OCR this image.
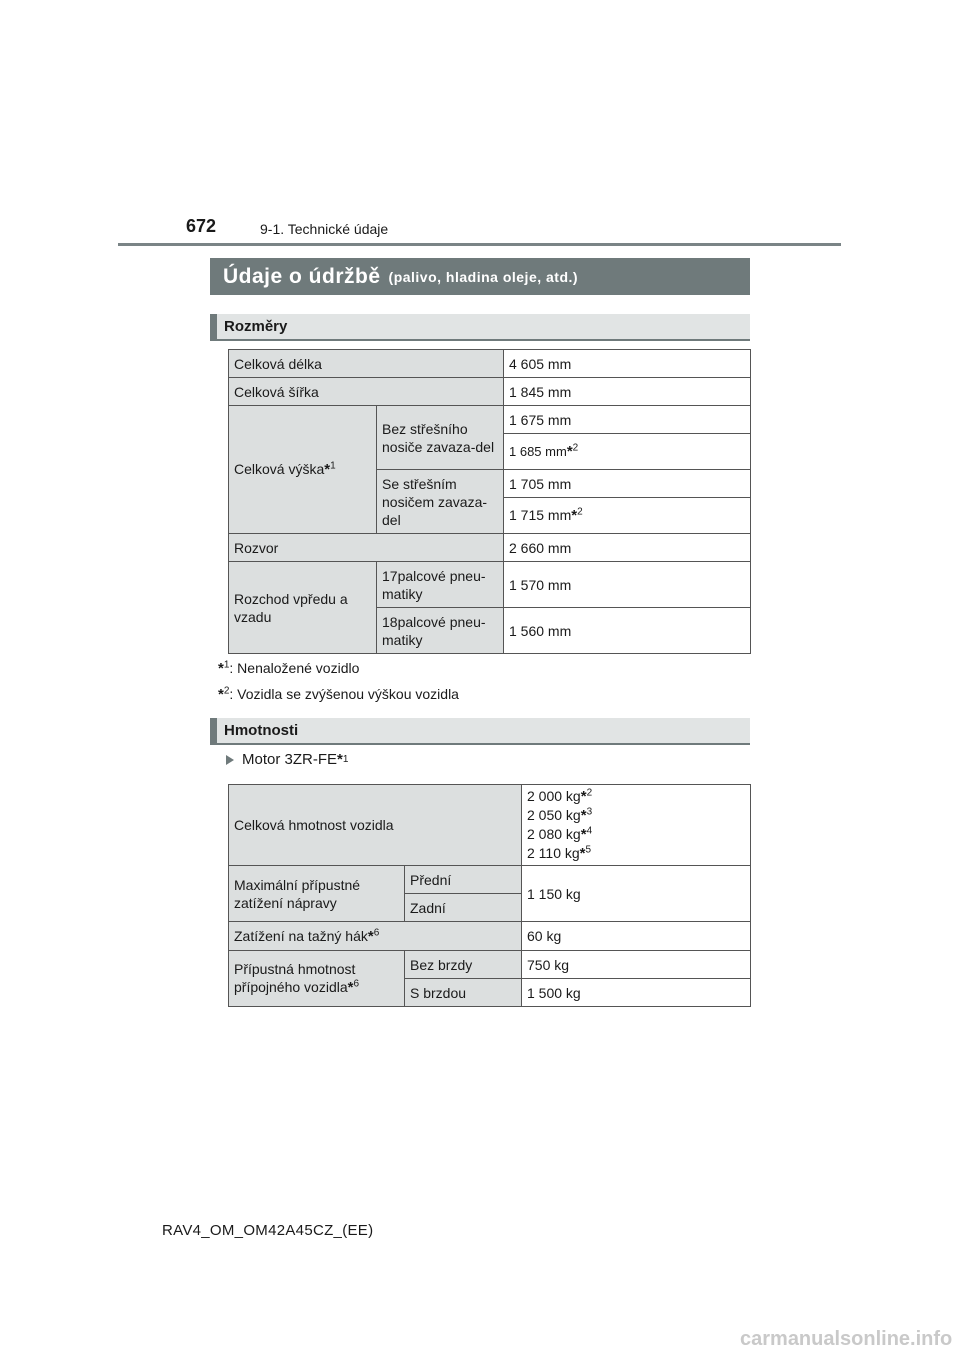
672	9-1. Technické údaje
Údaje o údržbě (palivo, hladina oleje, atd.)
Rozměry
Celková délka		4 605 mm
Celková šířka		1 845 mm
Celková výška*$^1$	Bez střešního nosiče zavaza-del	1 675 mm
		1 685 mm*$^2$
	Se střešním nosičem zavaza-del	1 705 mm
		1 715 mm*$^2$
Rozvor		2 660 mm
Rozchod vpředu a vzadu	17palcové pneu-matiky	1 570 mm
	18palcové pneu-matiky	1 560 mm
*$^1$: Nenaložené vozidlo
*$^2$: Vozidla se zvýšenou výškou vozidla
Hmotnosti
Motor 3ZR-FE * 1
Celková hmotnost vozidla		2 000 kg*$^2$
2 050 kg*$^3$
2 080 kg*$^4$
2 110 kg*$^5$

Maximální přípustné zatížení nápravy	Přední	1 150 kg
	Zadní	
Zatížení na tažný hák*$^6$		60 kg
Přípustná hmotnost přípojného vozidla*$^6$	Bez brzdy	750 kg
	S brzdou	1 500 kg
RAV4_OM_OM42A45CZ_(EE)
carmanualsonline.info
